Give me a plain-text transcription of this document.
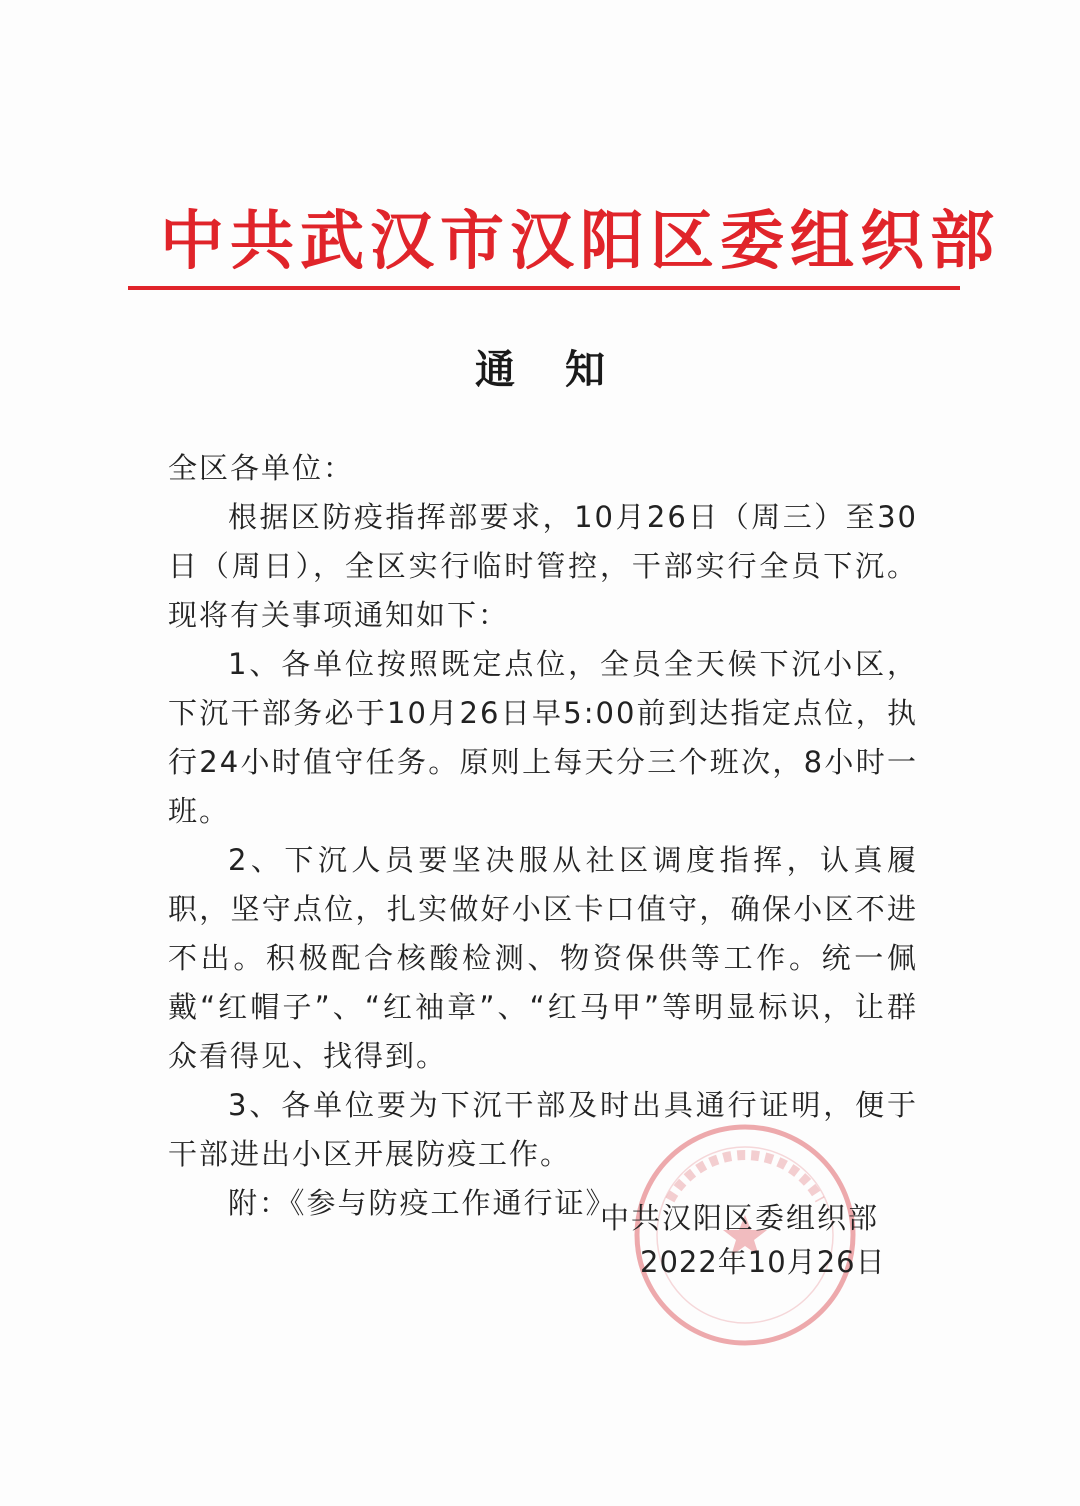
中共武汉市汉阳区委组织部
通 知

全区各单位：

根据区防疫指挥部要求，10月26日（周三）至30日（周日），全区实行临时管控，干部实行全员下沉。现将有关事项通知如下：

1、各单位按照既定点位，全员全天候下沉小区，下沉干部务必于10月26日早5:00前到达指定点位，执行24小时值守任务。原则上每天分三个班次，8小时一班。

2、下沉人员要坚决服从社区调度指挥，认真履职，坚守点位，扎实做好小区卡口值守，确保小区不进不出。积极配合核酸检测、物资保供等工作。统一佩戴“红帽子”、“红袖章”、“红马甲”等明显标识，让群众看得见、找得到。

3、各单位要为下沉干部及时出具通行证明，便于干部进出小区开展防疫工作。

附：《参与防疫工作通行证》

中共汉阳区委组织部
2022年10月26日
